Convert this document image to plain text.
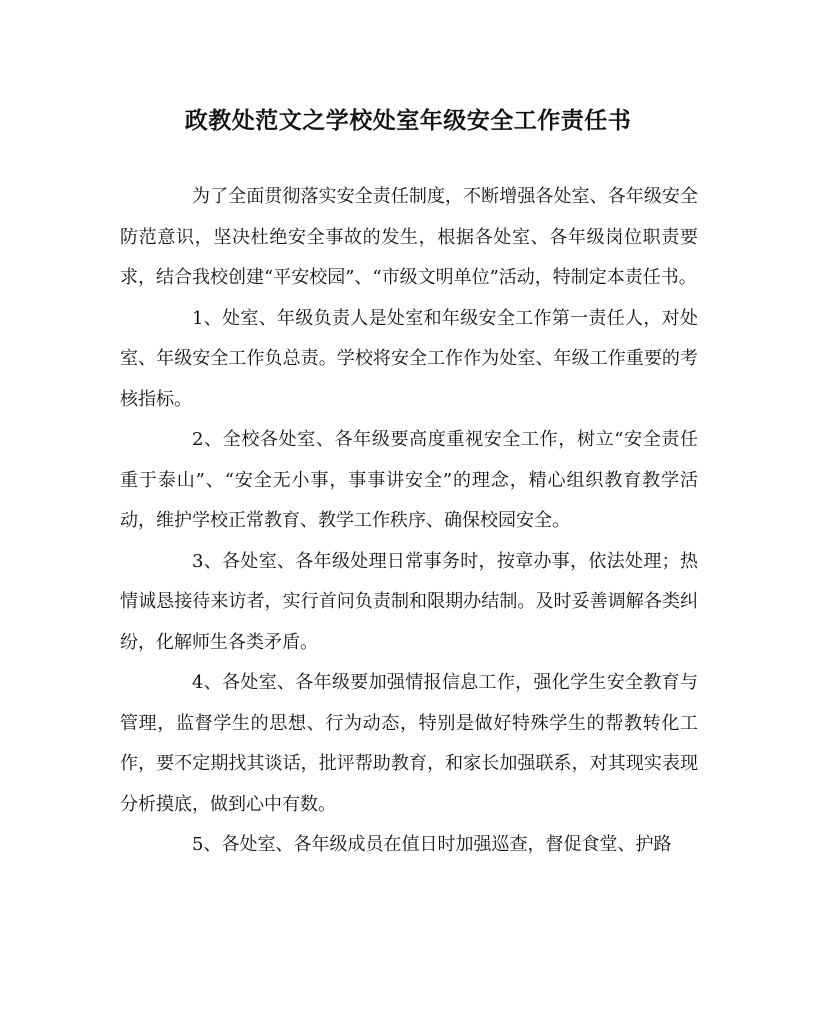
政教处范文之学校处室年级安全工作责任书

为了全面贯彻落实安全责任制度，不断增强各处室、各年级安全防范意识，坚决杜绝安全事故的发生，根据各处室、各年级岗位职责要求，结合我校创建“平安校园”、“市级文明单位”活动，特制定本责任书。

1、处室、年级负责人是处室和年级安全工作第一责任人，对处室、年级安全工作负总责。学校将安全工作作为处室、年级工作重要的考核指标。

2、全校各处室、各年级要高度重视安全工作，树立“安全责任重于泰山”、“安全无小事，事事讲安全”的理念，精心组织教育教学活动，维护学校正常教育、教学工作秩序、确保校园安全。

3、各处室、各年级处理日常事务时，按章办事，依法处理；热情诚恳接待来访者，实行首问负责制和限期办结制。及时妥善调解各类纠纷，化解师生各类矛盾。

4、各处室、各年级要加强情报信息工作，强化学生安全教育与管理，监督学生的思想、行为动态，特别是做好特殊学生的帮教转化工作，要不定期找其谈话，批评帮助教育，和家长加强联系，对其现实表现分析摸底，做到心中有数。

5、各处室、各年级成员在值日时加强巡查，督促食堂、护路
